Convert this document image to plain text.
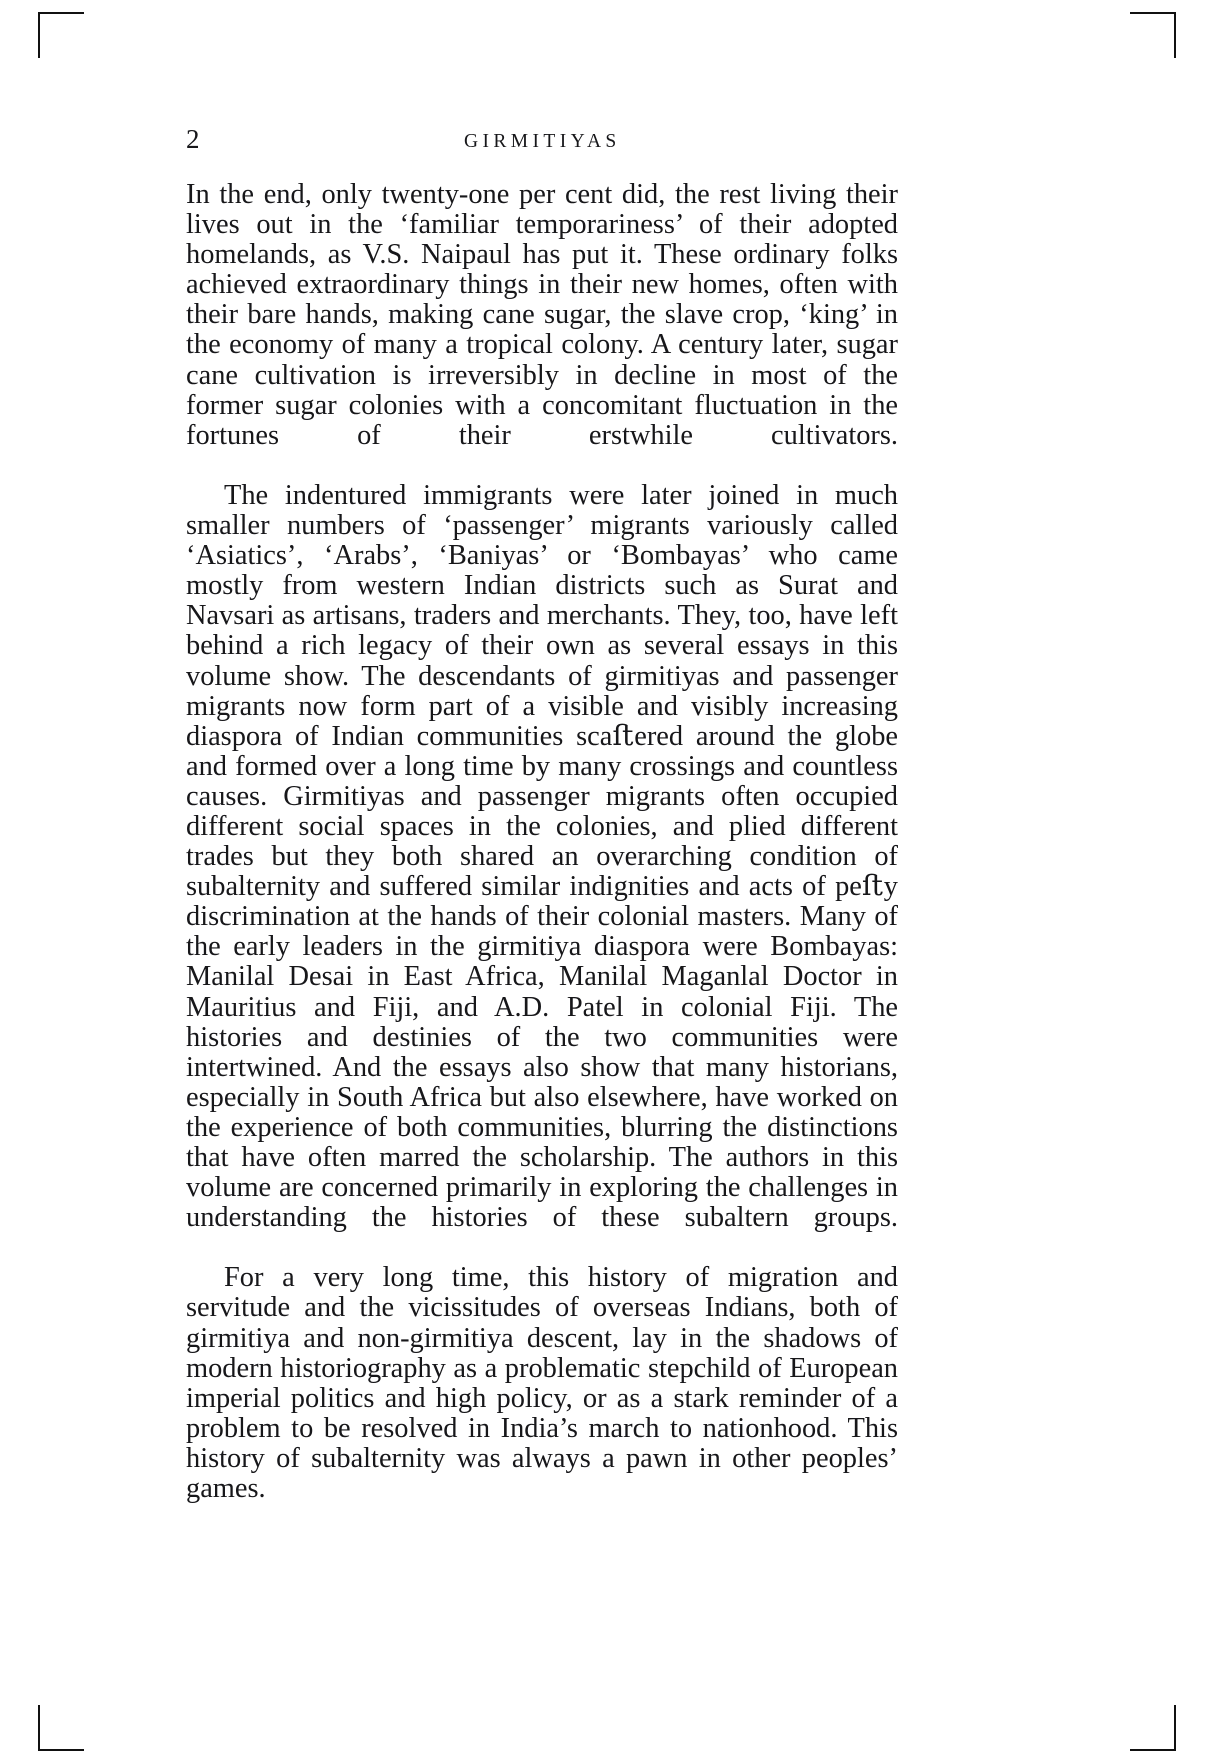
2	GIRMITIYAS

In the end, only twenty-one per cent did, the rest living their lives out in the ‘familiar temporariness’ of their adopted homelands, as V.S. Naipaul has put it. These ordinary folks achieved extraordinary things in their new homes, often with their bare hands, making cane sugar, the slave crop, ‘king’ in the economy of many a tropical colony. A century later, sugar cane cultivation is irreversibly in decline in most of the former sugar colonies with a concomitant fluctuation in the fortunes of their erstwhile cultivators.

The indentured immigrants were later joined in much smaller numbers of ‘passenger’ migrants variously called ‘Asiatics’, ‘Arabs’, ‘Baniyas’ or ‘Bombayas’ who came mostly from western Indian districts such as Surat and Navsari as artisans, traders and merchants. They, too, have left behind a rich legacy of their own as several essays in this volume show. The descendants of girmitiyas and passenger migrants now form part of a visible and visibly increasing diaspora of Indian communities scaﬅered around the globe and formed over a long time by many crossings and countless causes. Girmitiyas and passenger migrants often occupied different social spaces in the colonies, and plied different trades but they both shared an overarching condition of subalternity and suffered similar indignities and acts of peﬅy discrimination at the hands of their colonial masters. Many of the early leaders in the girmitiya diaspora were Bombayas: Manilal Desai in East Africa, Manilal Maganlal Doctor in Mauritius and Fiji, and A.D. Patel in colonial Fiji. The histories and destinies of the two communities were intertwined. And the essays also show that many historians, especially in South Africa but also elsewhere, have worked on the experience of both communities, blurring the distinctions that have often marred the scholarship. The authors in this volume are concerned primarily in exploring the challenges in understanding the histories of these subaltern groups.

For a very long time, this history of migration and servitude and the vicissitudes of overseas Indians, both of girmitiya and non-girmitiya descent, lay in the shadows of modern historiography as a problematic stepchild of European imperial politics and high policy, or as a stark reminder of a problem to be resolved in India’s march to nationhood. This history of subalternity was always a pawn in other peoples’ games.
